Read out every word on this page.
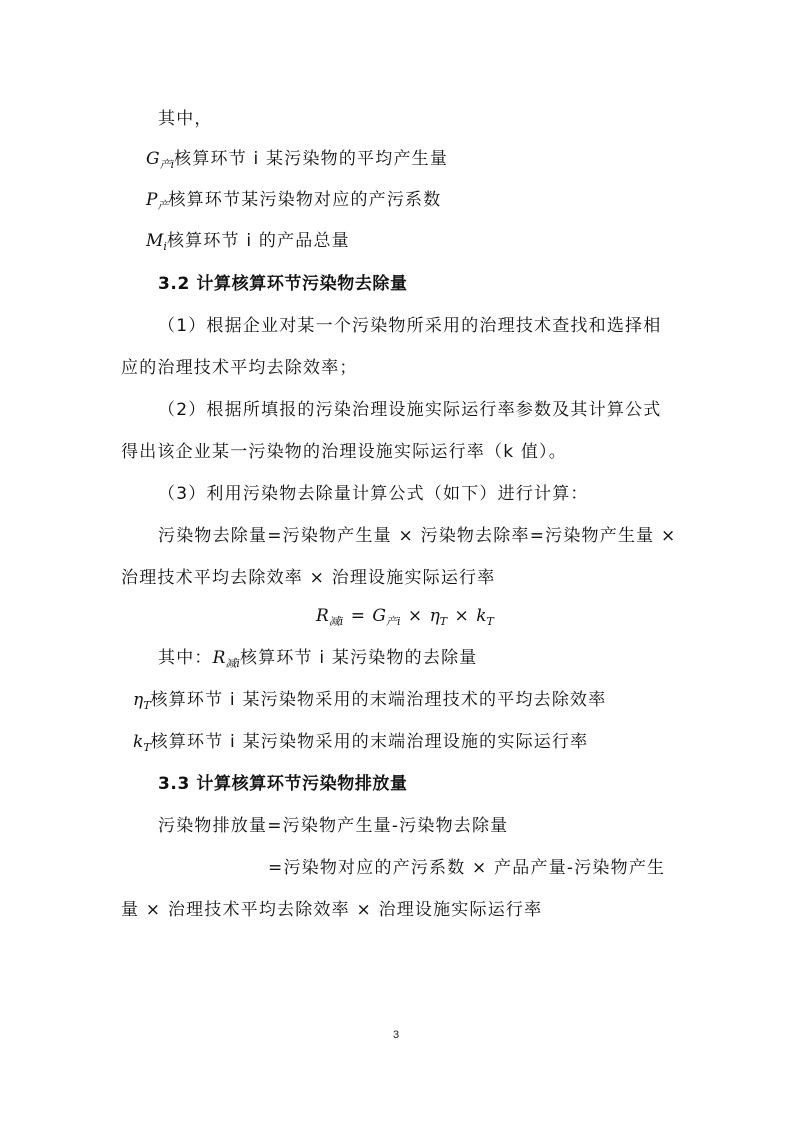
其中，
$G_{产i}$核算环节 i 某污染物的平均产生量
$P_产$核算环节某污染物对应的产污系数
$M_i$核算环节 i 的产品总量
3.2 计算核算环节污染物去除量
（1）根据企业对某一个污染物所采用的治理技术查找和选择相
应的治理技术平均去除效率；
（2）根据所填报的污染治理设施实际运行率参数及其计算公式
得出该企业某一污染物的治理设施实际运行率（k 值）。
（3）利用污染物去除量计算公式（如下）进行计算：
污染物去除量=污染物产生量 × 污染物去除率=污染物产生量 ×
治理技术平均去除效率 × 治理设施实际运行率
$R_{减i} = G_{产i} \times \eta_T \times k_T$
其中：$R_{减i}$核算环节 i 某污染物的去除量
$\eta_T$核算环节 i 某污染物采用的末端治理技术的平均去除效率
$k_T$核算环节 i 某污染物采用的末端治理设施的实际运行率
3.3 计算核算环节污染物排放量
污染物排放量=污染物产生量-污染物去除量
=污染物对应的产污系数 × 产品产量-污染物产生
量 × 治理技术平均去除效率 × 治理设施实际运行率
3
